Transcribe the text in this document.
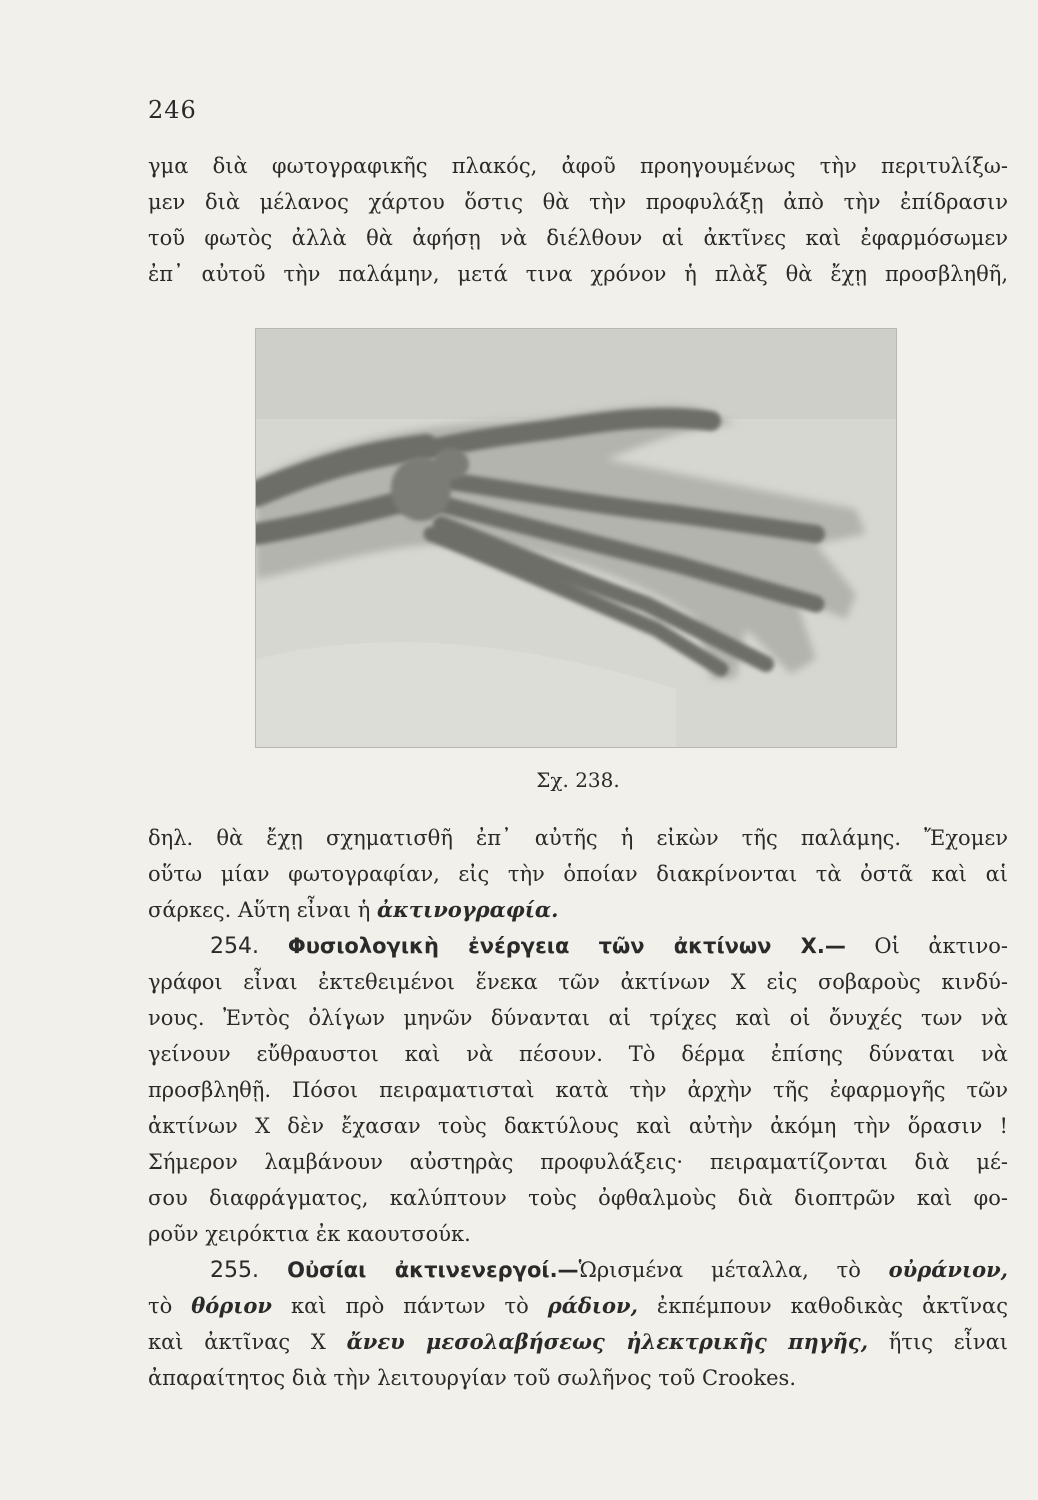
246
γμα διὰ φωτογραφικῆς πλακός, ἀφοῦ προηγουμένως τὴν περιτυλίξω-
μεν διὰ μέλανος χάρτου ὅστις θὰ τὴν προφυλάξῃ ἀπὸ τὴν ἐπίδρασιν
τοῦ φωτὸς ἀλλὰ θὰ ἀφήσῃ νὰ διέλθουν αἱ ἀκτῖνες καὶ ἐφαρμόσωμεν
ἐπ᾽ αὐτοῦ τὴν παλάμην, μετά τινα χρόνον ἡ πλὰξ θὰ ἔχῃ προσβληθῆ,
Σχ. 238.
δηλ. θὰ ἔχῃ σχηματισθῆ ἐπ᾽ αὐτῆς ἡ εἰκὼν τῆς παλάμης. Ἔχομεν
οὕτω μίαν φωτογραφίαν, εἰς τὴν ὁποίαν διακρίνονται τὰ ὀστᾶ καὶ αἱ
σάρκες. Αὕτη εἶναι ἡ ἀκτινογραφία.
254. Φυσιολογικὴ ἐνέργεια τῶν ἀκτίνων Χ.— Οἱ ἀκτινο-
γράφοι εἶναι ἐκτεθειμένοι ἕνεκα τῶν ἀκτίνων Χ εἰς σοβαροὺς κινδύ-
νους. Ἐντὸς ὀλίγων μηνῶν δύνανται αἱ τρίχες καὶ οἱ ὄνυχές των νὰ
γείνουν εὔθραυστοι καὶ νὰ πέσουν. Τὸ δέρμα ἐπίσης δύναται νὰ
προσβληθῇ. Πόσοι πειραματισταὶ κατὰ τὴν ἀρχὴν τῆς ἐφαρμογῆς τῶν
ἀκτίνων Χ δὲν ἔχασαν τοὺς δακτύλους καὶ αὐτὴν ἀκόμη τὴν ὅρασιν !
Σήμερον λαμβάνουν αὐστηρὰς προφυλάξεις· πειραματίζονται διὰ μέ-
σου διαφράγματος, καλύπτουν τοὺς ὀφθαλμοὺς διὰ διοπτρῶν καὶ φο-
ροῦν χειρόκτια ἐκ καουτσούκ.
255. Οὐσίαι ἀκτινενεργοί.—Ὡρισμένα μέταλλα, τὸ οὐράνιον,
τὸ θόριον καὶ πρὸ πάντων τὸ ράδιον, ἐκπέμπουν καθοδικὰς ἀκτῖνας
καὶ ἀκτῖνας Χ ἄνευ μεσολαβήσεως ἠλεκτρικῆς πηγῆς, ἥτις εἶναι
ἀπαραίτητος διὰ τὴν λειτουργίαν τοῦ σωλῆνος τοῦ Crookes.
